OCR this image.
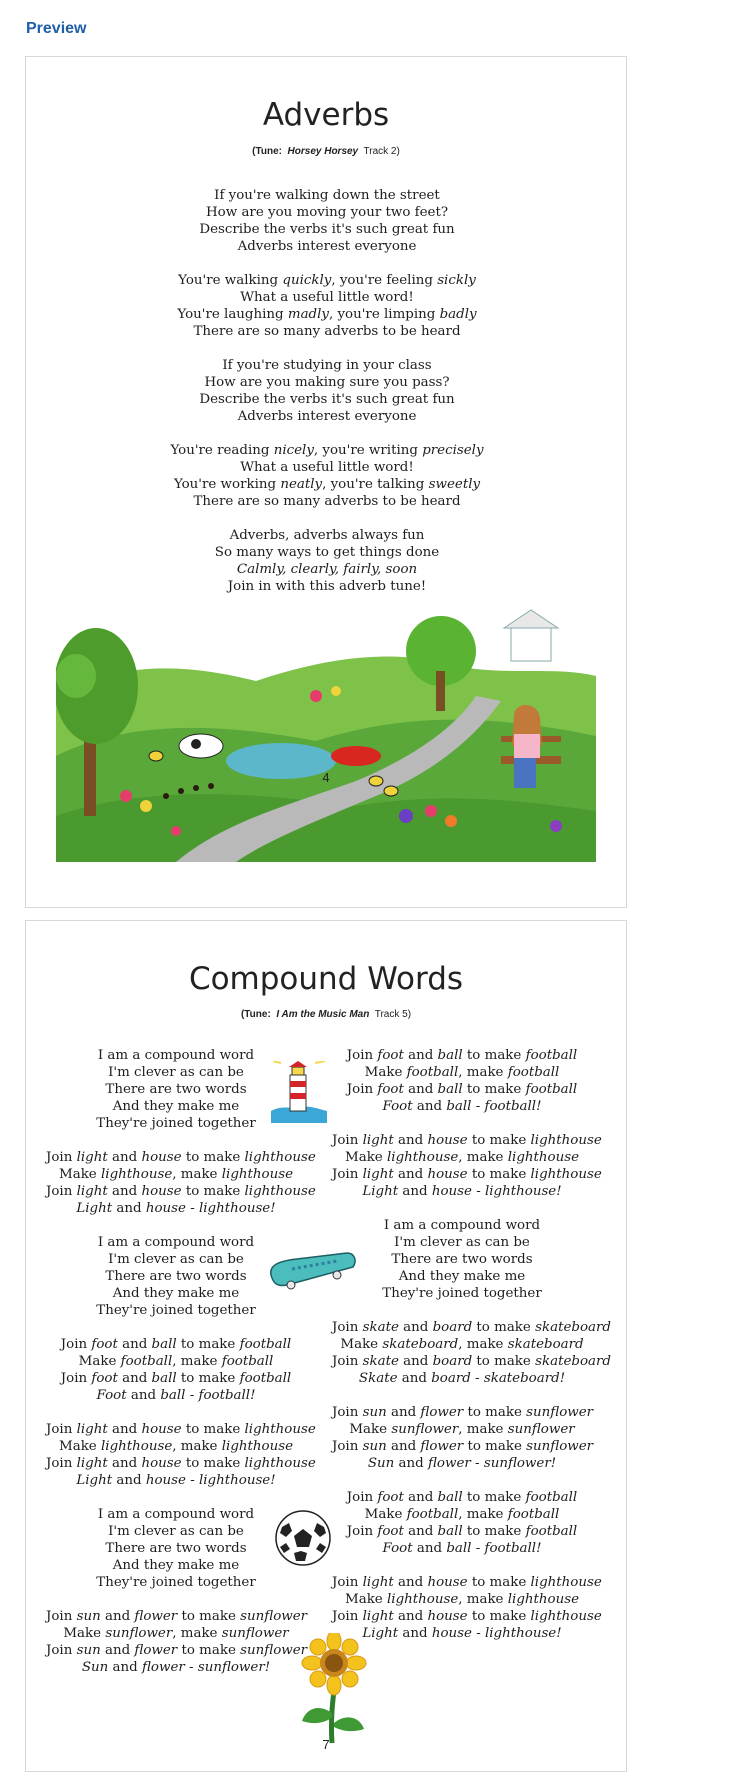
Preview
Adverbs
(Tune: Horsey Horsey Track 2)
If you're walking down the street
How are you moving your two feet?
Describe the verbs it's such great fun
Adverbs interest everyone
You're walking quickly, you're feeling sickly
What a useful little word!
You're laughing madly, you're limping badly
There are so many adverbs to be heard
If you're studying in your class
How are you making sure you pass?
Describe the verbs it's such great fun
Adverbs interest everyone
You're reading nicely, you're writing precisely
What a useful little word!
You're working neatly, you're talking sweetly
There are so many adverbs to be heard
Adverbs, adverbs always fun
So many ways to get things done
Calmly, clearly, fairly, soon
Join in with this adverb tune!
4
Compound Words
(Tune: I Am the Music Man Track 5)
I am a compound word
I'm clever as can be
There are two words
And they make me
They're joined together
Join light and house to make lighthouse
Make lighthouse, make lighthouse
Join light and house to make lighthouse
Light and house - lighthouse!
I am a compound word
I'm clever as can be
There are two words
And they make me
They're joined together
Join foot and ball to make football
Make football, make football
Join foot and ball to make football
Foot and ball - football!
Join light and house to make lighthouse
Make lighthouse, make lighthouse
Join light and house to make lighthouse
Light and house - lighthouse!
I am a compound word
I'm clever as can be
There are two words
And they make me
They're joined together
Join sun and flower to make sunflower
Make sunflower, make sunflower
Join sun and flower to make sunflower
Sun and flower - sunflower!
Join foot and ball to make football
Make football, make football
Join foot and ball to make football
Foot and ball - football!
Join light and house to make lighthouse
Make lighthouse, make lighthouse
Join light and house to make lighthouse
Light and house - lighthouse!
I am a compound word
I'm clever as can be
There are two words
And they make me
They're joined together
Join skate and board to make skateboard
Make skateboard, make skateboard
Join skate and board to make skateboard
Skate and board - skateboard!
Join sun and flower to make sunflower
Make sunflower, make sunflower
Join sun and flower to make sunflower
Sun and flower - sunflower!
Join foot and ball to make football
Make football, make football
Join foot and ball to make football
Foot and ball - football!
Join light and house to make lighthouse
Make lighthouse, make lighthouse
Join light and house to make lighthouse
Light and house - lighthouse!
7
